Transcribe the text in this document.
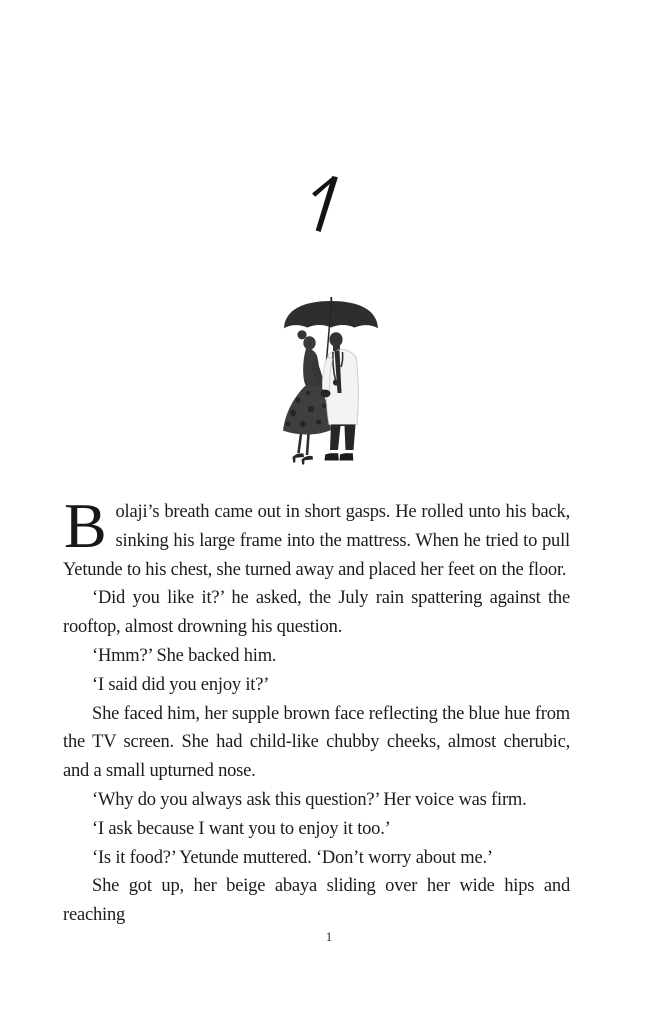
Bolaji’s breath came out in short gasps. He rolled unto his back, sinking his large frame into the mattress. When he tried to pull Yetunde to his chest, she turned away and placed her feet on the floor.

‘Did you like it?’ he asked, the July rain spattering against the rooftop, almost drowning his question.

‘Hmm?’ She backed him.

‘I said did you enjoy it?’

She faced him, her supple brown face reflecting the blue hue from the TV screen. She had child-like chubby cheeks, almost cherubic, and a small upturned nose.

‘Why do you always ask this question?’ Her voice was firm.

‘I ask because I want you to enjoy it too.’

‘Is it food?’ Yetunde muttered. ‘Don’t worry about me.’

She got up, her beige abaya sliding over her wide hips and reaching

1
